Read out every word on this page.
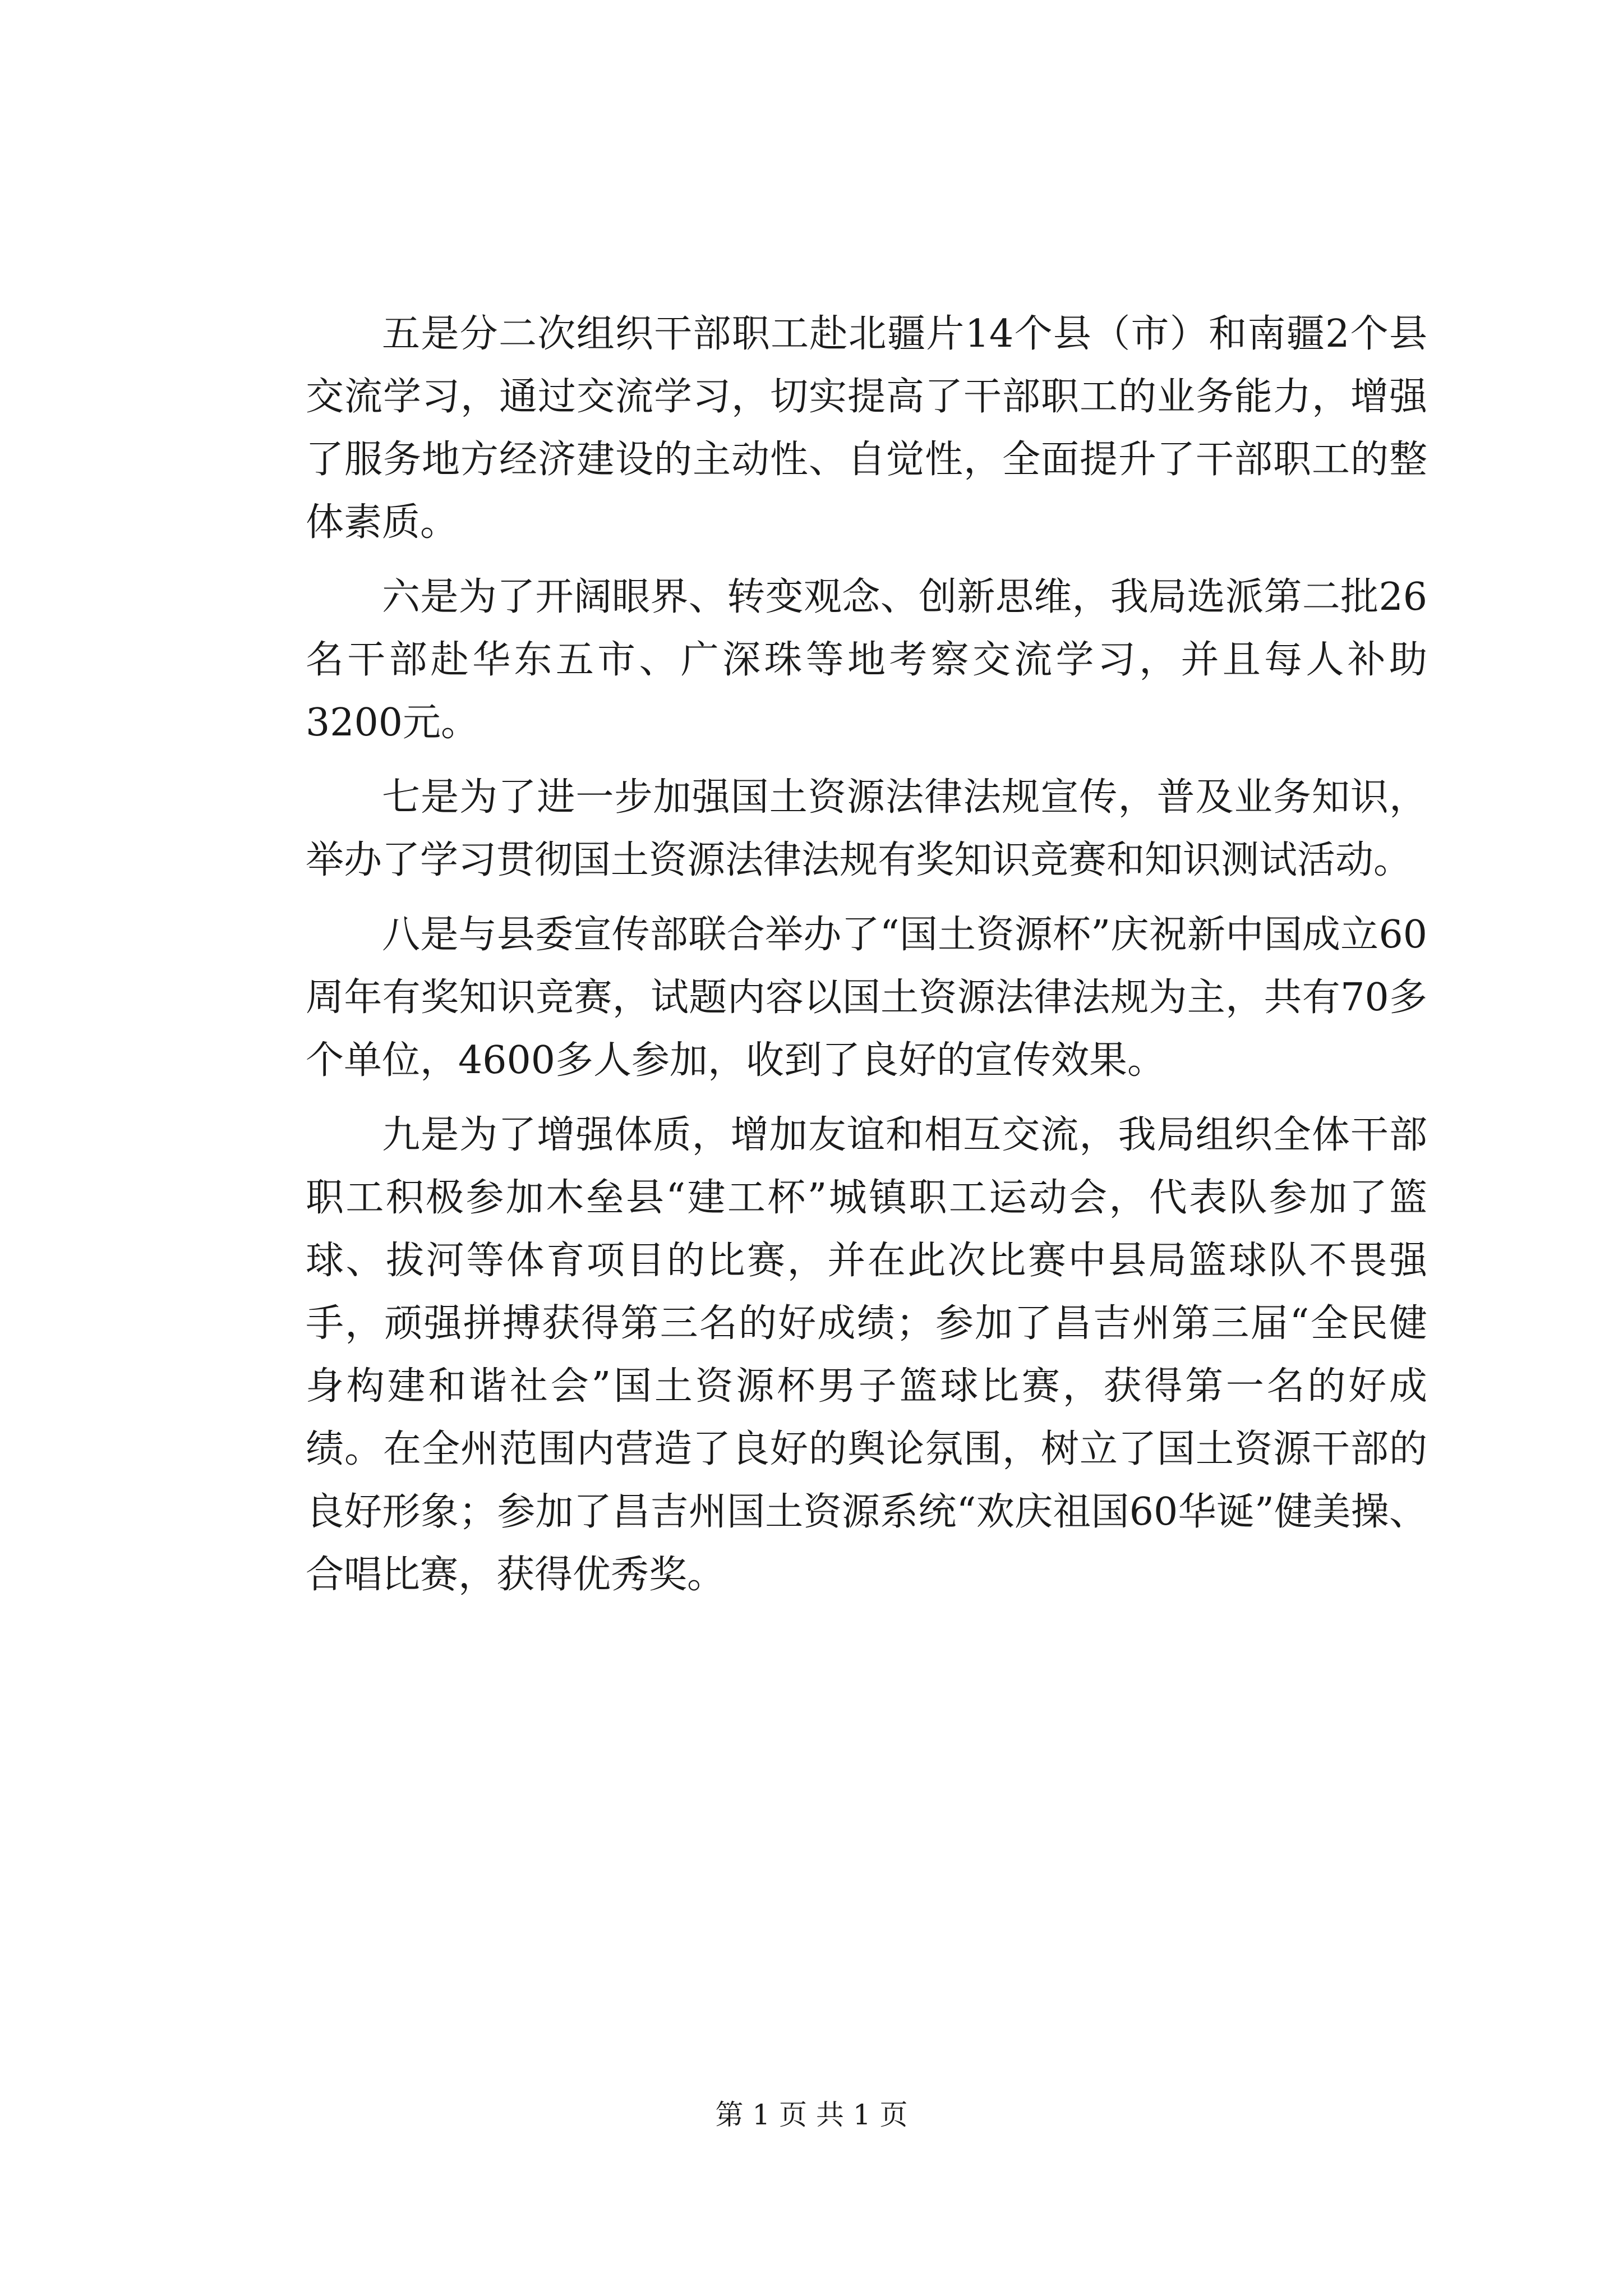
五是分二次组织干部职工赴北疆片14个县（市）和南疆2个县交流学习，通过交流学习，切实提高了干部职工的业务能力，增强了服务地方经济建设的主动性、自觉性，全面提升了干部职工的整体素质。

六是为了开阔眼界、转变观念、创新思维，我局选派第二批26名干部赴华东五市、广深珠等地考察交流学习，并且每人补助3200元。

七是为了进一步加强国土资源法律法规宣传，普及业务知识，举办了学习贯彻国土资源法律法规有奖知识竞赛和知识测试活动。

八是与县委宣传部联合举办了“国土资源杯”庆祝新中国成立60周年有奖知识竞赛，试题内容以国土资源法律法规为主，共有70多个单位，4600多人参加，收到了良好的宣传效果。

九是为了增强体质，增加友谊和相互交流，我局组织全体干部职工积极参加木垒县“建工杯”城镇职工运动会，代表队参加了篮球、拔河等体育项目的比赛，并在此次比赛中县局篮球队不畏强手，顽强拼搏获得第三名的好成绩；参加了昌吉州第三届“全民健身构建和谐社会”国土资源杯男子篮球比赛，获得第一名的好成绩。在全州范围内营造了良好的舆论氛围，树立了国土资源干部的良好形象；参加了昌吉州国土资源系统“欢庆祖国60华诞”健美操、合唱比赛，获得优秀奖。

第 1 页 共 1 页
